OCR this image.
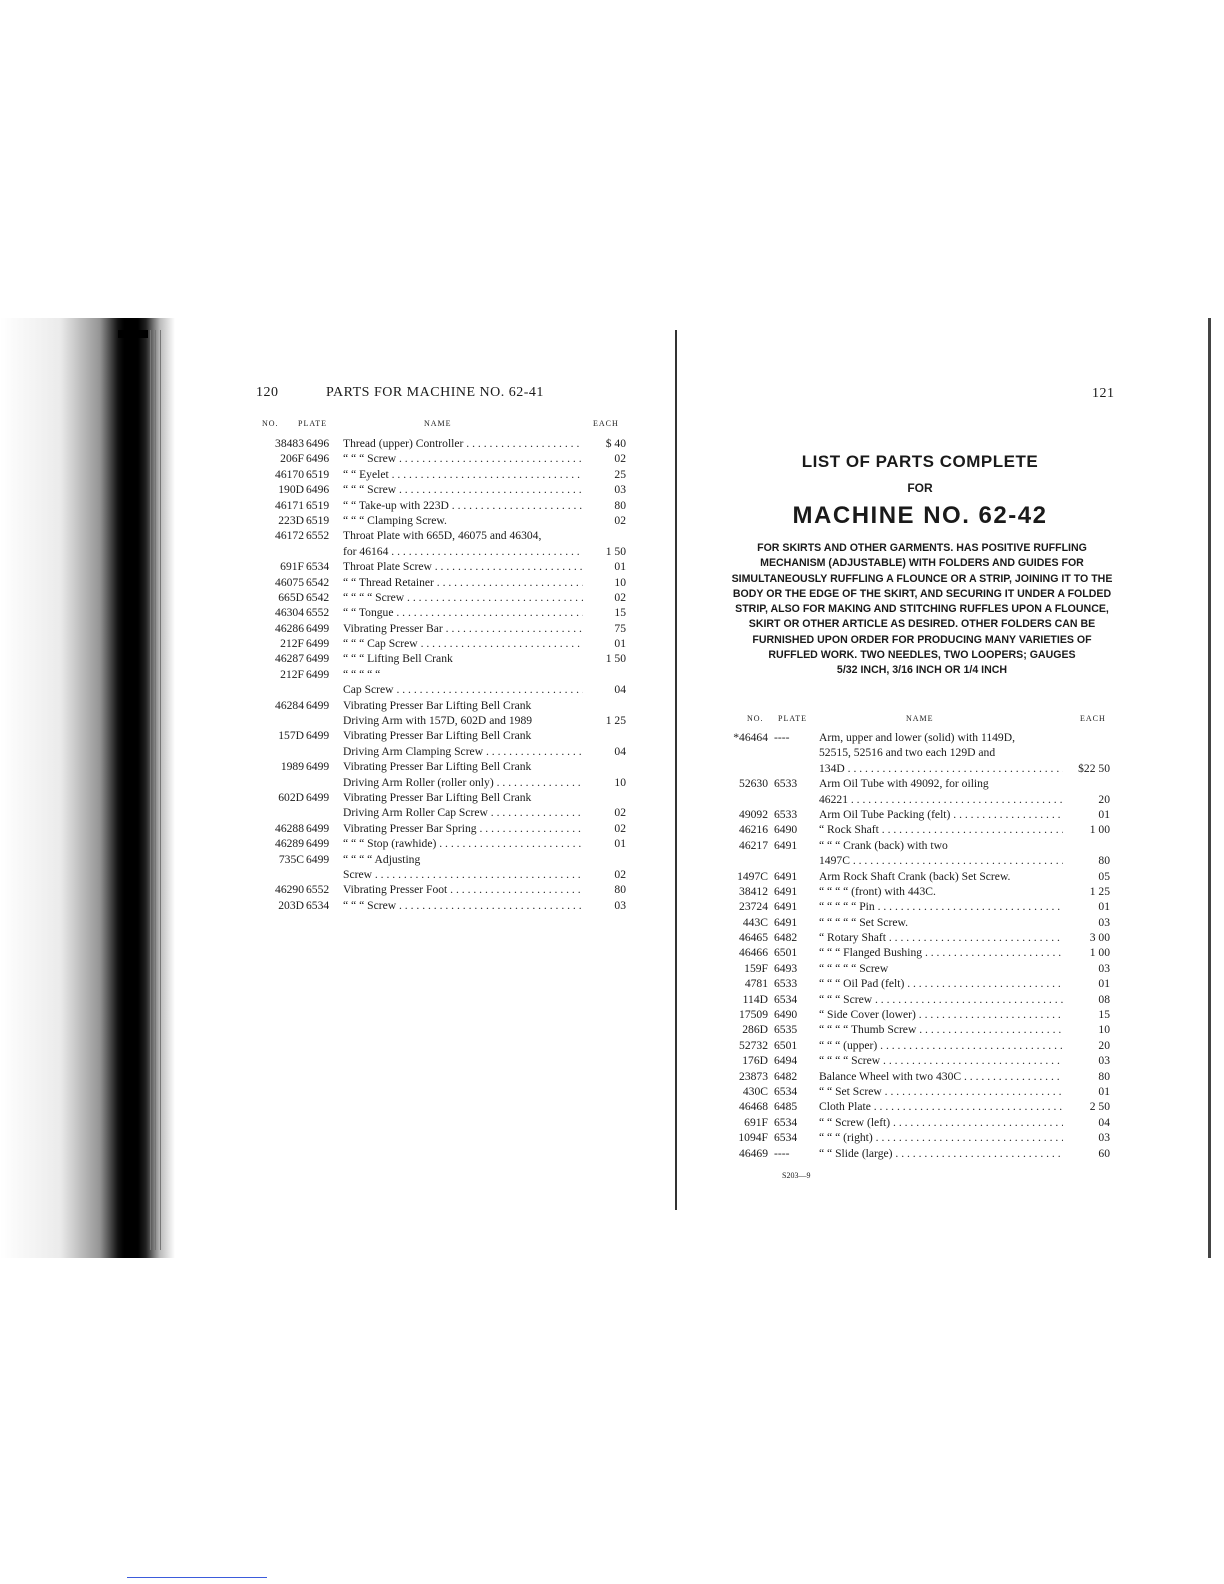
120	PARTS FOR MACHINE NO. 62-41
NO. PLATE	NAME	EACH
38483 6496	Thread (upper) Controller . . .	$ 40
206F 6496	“ “ “ Screw . . .	02
46170 6519	“ “ Eyelet . . .	25
190D 6496	“ “ “ Screw . . .	03
46171 6519	“ “ Take-up with 223D . . .	80
223D 6519	“ “ “ Clamping Screw.	02
46172 6552	Throat Plate with 665D, 46075 and 46304,
for 46164 . . .	1 50
691F 6534	Throat Plate Screw . . .	01
46075 6542	“ “ Thread Retainer . . .	10
665D 6542	“ “ “ “ Screw . . .	02
46304 6552	“ “ Tongue . . .	15
46286 6499	Vibrating Presser Bar . . .	75
212F 6499	“ “ “ Cap Screw . . .	01
46287 6499	“ “ “ Lifting Bell Crank	1 50
212F 6499	“ “ “ “ “
Cap Screw . . .	04
46284 6499	Vibrating Presser Bar Lifting Bell Crank
Driving Arm with 157D, 602D and 1989	1 25
157D 6499	Vibrating Presser Bar Lifting Bell Crank
Driving Arm Clamping Screw . . .	04
1989 6499	Vibrating Presser Bar Lifting Bell Crank
Driving Arm Roller (roller only) . . .	10
602D 6499	Vibrating Presser Bar Lifting Bell Crank
Driving Arm Roller Cap Screw . . .	02
46288 6499	Vibrating Presser Bar Spring . . .	02
46289 6499	“ “ “ Stop (rawhide) . . .	01
735C 6499	“ “ “ “ Adjusting
Screw . . .	02
46290 6552	Vibrating Presser Foot . . .	80
203D 6534	“ “ “ Screw . . .	03
121
LIST OF PARTS COMPLETE
FOR
MACHINE NO. 62-42
FOR SKIRTS AND OTHER GARMENTS. HAS POSITIVE RUFFLING MECHANISM (ADJUSTABLE) WITH FOLDERS AND GUIDES FOR SIMULTANEOUSLY RUFFLING A FLOUNCE OR A STRIP, JOINING IT TO THE BODY OR THE EDGE OF THE SKIRT, AND SECURING IT UNDER A FOLDED STRIP, ALSO FOR MAKING AND STITCHING RUFFLES UPON A FLOUNCE, SKIRT OR OTHER ARTICLE AS DESIRED. OTHER FOLDERS CAN BE FURNISHED UPON ORDER FOR PRODUCING MANY VARIETIES OF RUFFLED WORK. TWO NEEDLES, TWO LOOPERS; GAUGES
5/32 INCH, 3/16 INCH OR 1/4 INCH
NO. PLATE	NAME	EACH
*46464 ----	Arm, upper and lower (solid) with 1149D,
52515, 52516 and two each 129D and
134D . . .	$22 50
52630 6533	Arm Oil Tube with 49092, for oiling
46221 . . .	20
49092 6533	Arm Oil Tube Packing (felt) . . .	01
46216 6490	“ Rock Shaft . . .	1 00
46217 6491	“ “ “ Crank (back) with two
1497C . . .	80
1497C 6491	Arm Rock Shaft Crank (back) Set Screw.	05
38412 6491	“ “ “ “ (front) with 443C.	1 25
23724 6491	“ “ “ “ “ Pin . . .	01
443C 6491	“ “ “ “ “ Set Screw.	03
46465 6482	“ Rotary Shaft . . .	3 00
46466 6501	“ “ “ Flanged Bushing . . .	1 00
159F 6493	“ “ “ “ “ Screw	03
4781 6533	“ “ “ Oil Pad (felt) . . .	01
114D 6534	“ “ “ Screw . . .	08
17509 6490	“ Side Cover (lower) . . .	15
286D 6535	“ “ “ “ Thumb Screw . . .	10
52732 6501	“ “ “ (upper) . . .	20
176D 6494	“ “ “ “ Screw . . .	03
23873 6482	Balance Wheel with two 430C . . .	80
430C 6534	“ “ Set Screw . . .	01
46468 6485	Cloth Plate . . .	2 50
691F 6534	“ “ Screw (left) . . .	04
1094F 6534	“ “ “ (right) . . .	03
46469 ----	“ “ Slide (large) . . .	60
S203—9
